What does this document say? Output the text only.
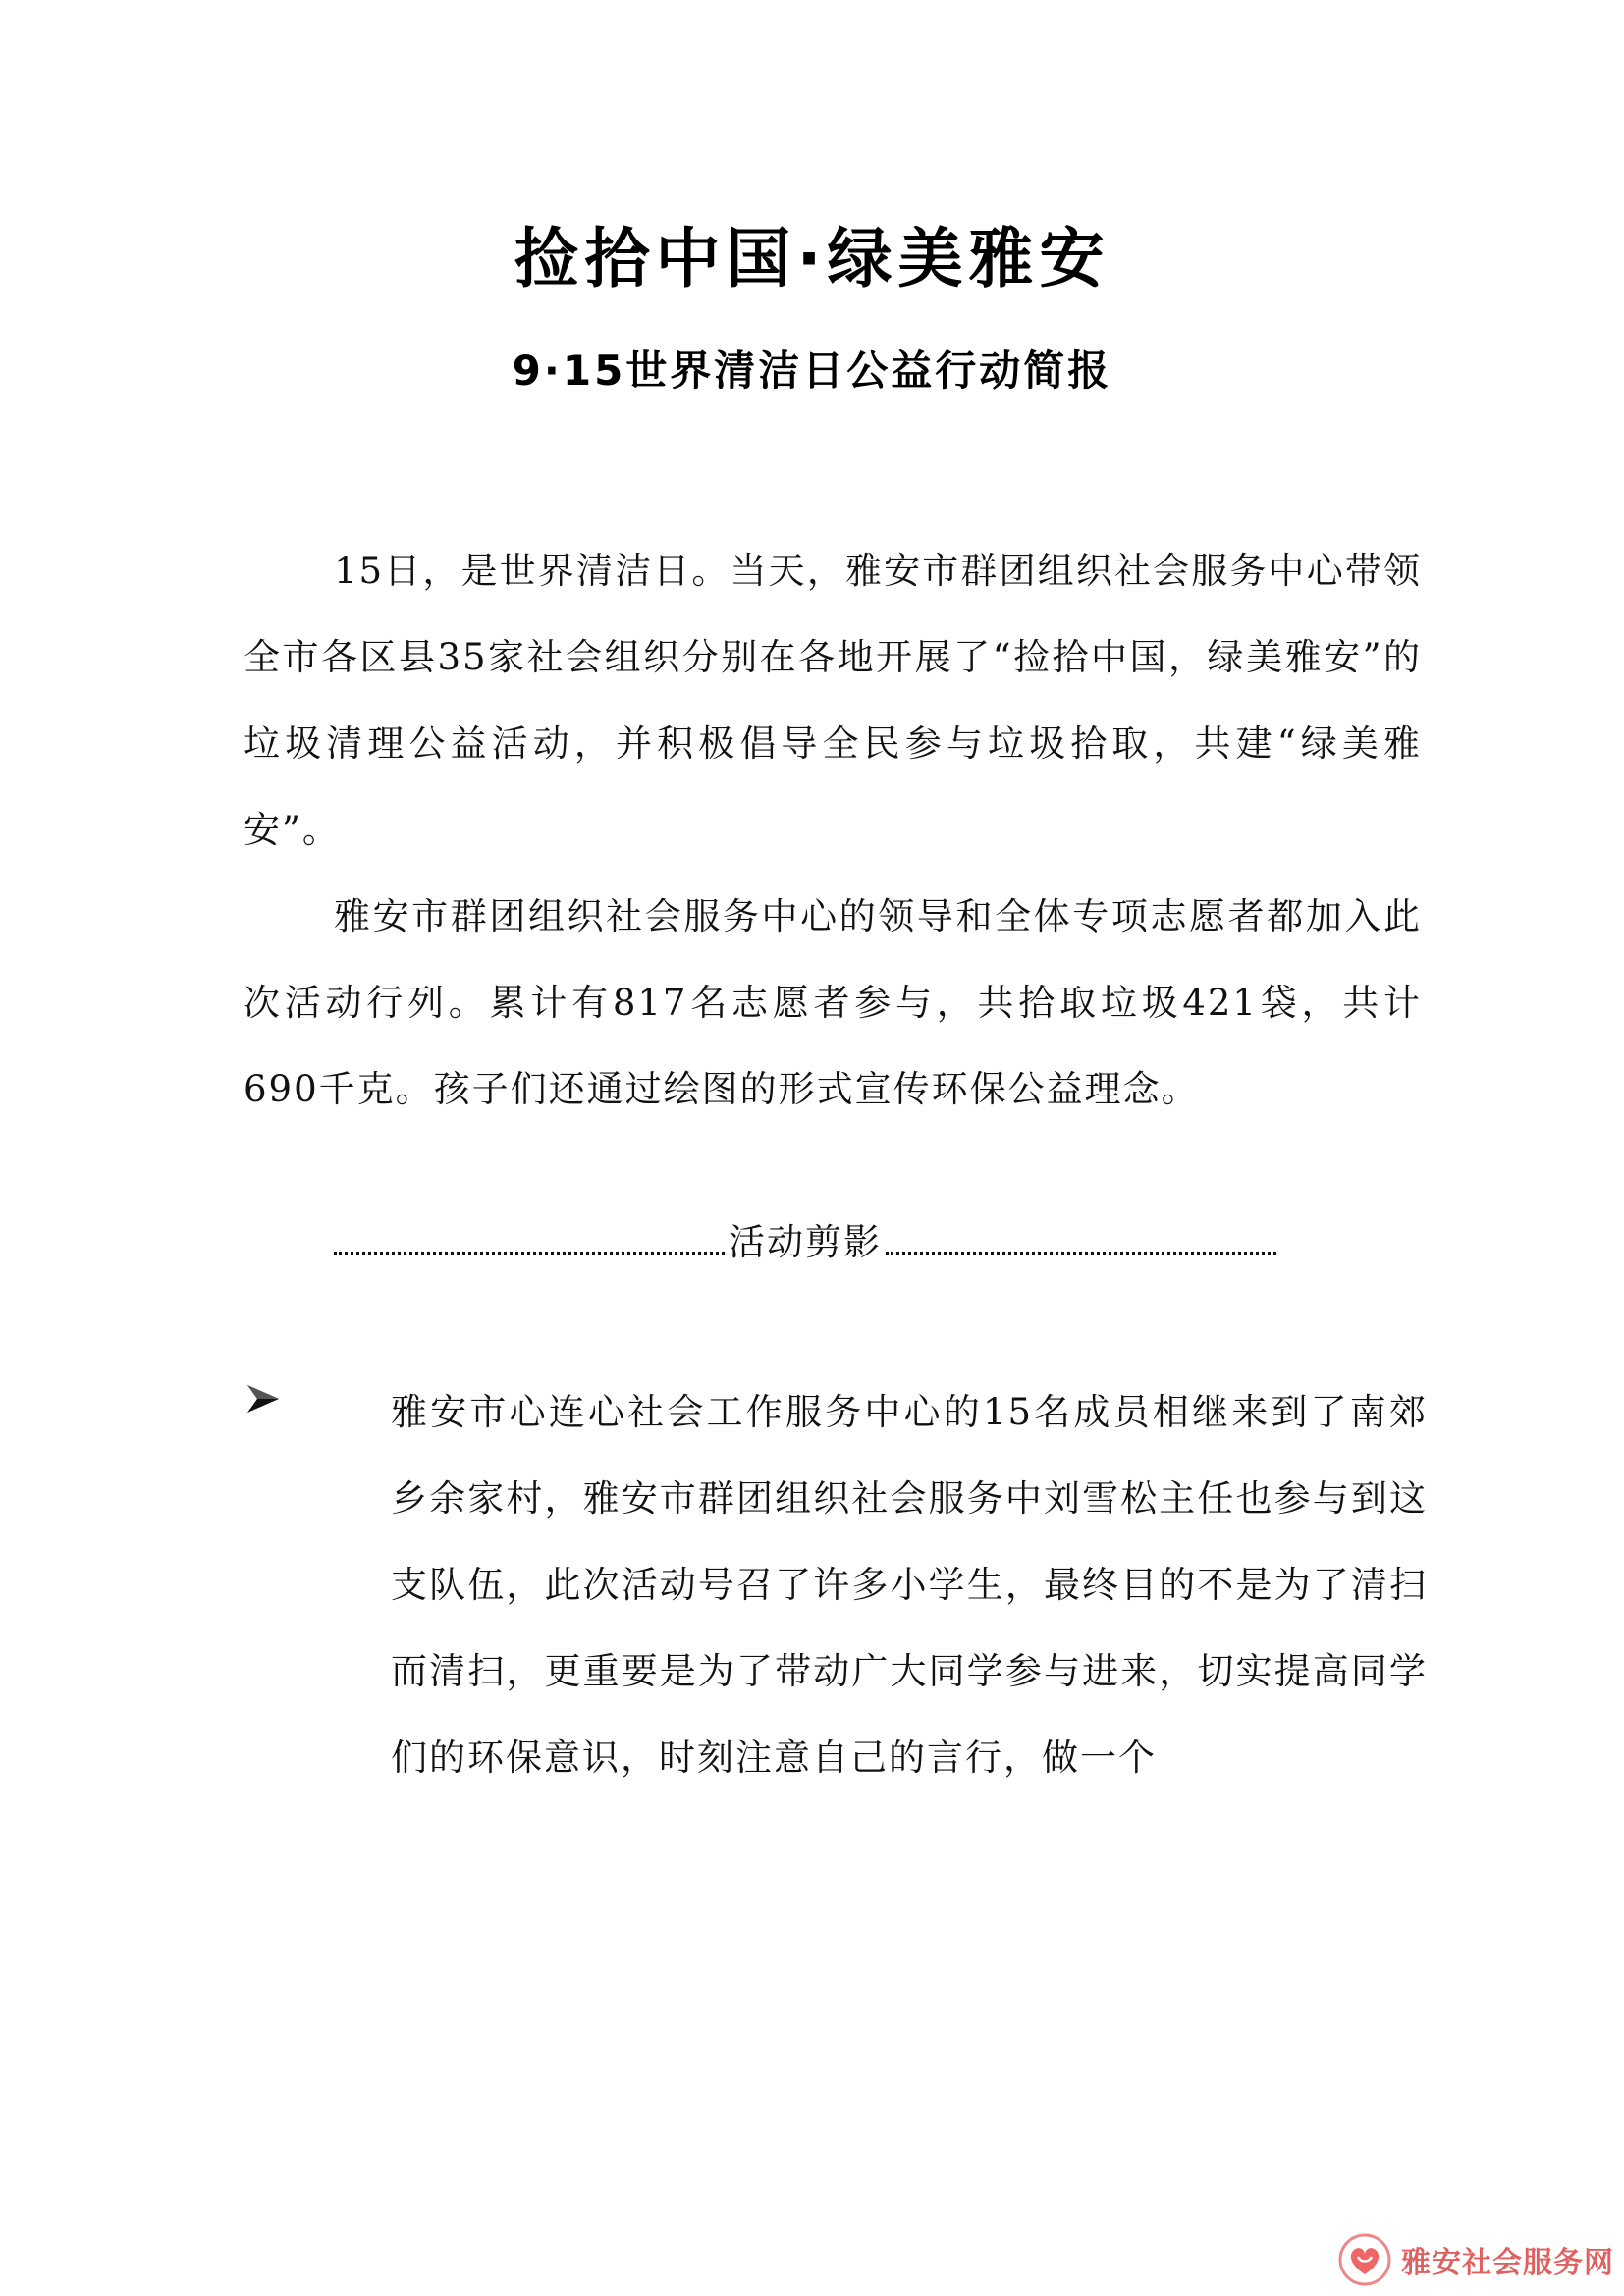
捡拾中国·绿美雅安
9·15世界清洁日公益行动简报
15日，是世界清洁日。当天，雅安市群团组织社会服务中心带领全市各区县35家社会组织分别在各地开展了“捡拾中国，绿美雅安”的垃圾清理公益活动，并积极倡导全民参与垃圾拾取，共建“绿美雅安”。
雅安市群团组织社会服务中心的领导和全体专项志愿者都加入此次活动行列。累计有817名志愿者参与，共拾取垃圾421袋，共计690千克。孩子们还通过绘图的形式宣传环保公益理念。
活动剪影
雅安市心连心社会工作服务中心的15名成员相继来到了南郊乡余家村，雅安市群团组织社会服务中刘雪松主任也参与到这支队伍，此次活动号召了许多小学生，最终目的不是为了清扫而清扫，更重要是为了带动广大同学参与进来，切实提高同学们的环保意识，时刻注意自己的言行，做一个
雅安社会服务网
